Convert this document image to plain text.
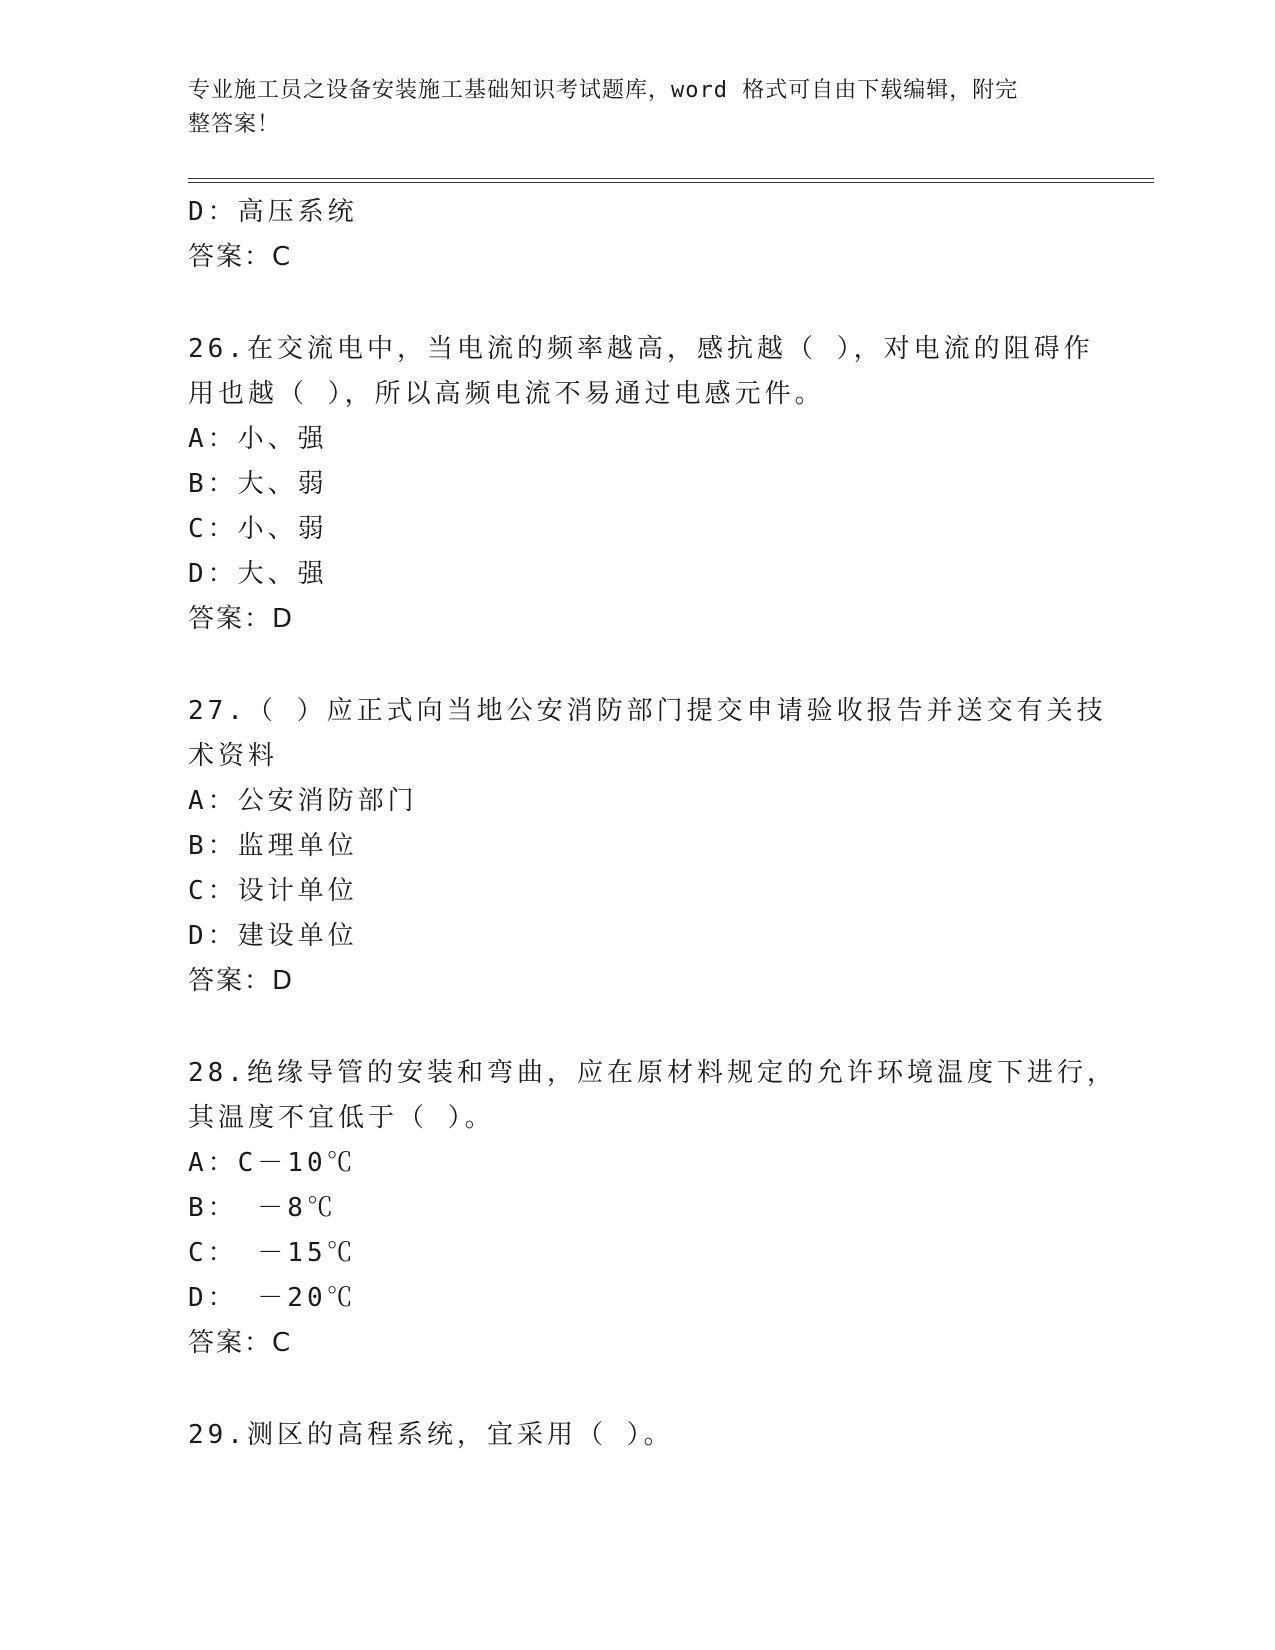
专业施工员之设备安装施工基础知识考试题库，word 格式可自由下载编辑，附完
整答案！
D：高压系统
答案：C
26.在交流电中，当电流的频率越高，感抗越（ ），对电流的阻碍作
用也越（ ），所以高频电流不易通过电感元件。
A：小、强
B：大、弱
C：小、弱
D：大、强
答案：D
27.（ ）应正式向当地公安消防部门提交申请验收报告并送交有关技
术资料
A：公安消防部门
B：监理单位
C：设计单位
D：建设单位
答案：D
28.绝缘导管的安装和弯曲，应在原材料规定的允许环境温度下进行，
其温度不宜低于（ ）。
A：C－10℃
B： －8℃
C： －15℃
D： －20℃
答案：C
29.测区的高程系统，宜采用（ ）。
